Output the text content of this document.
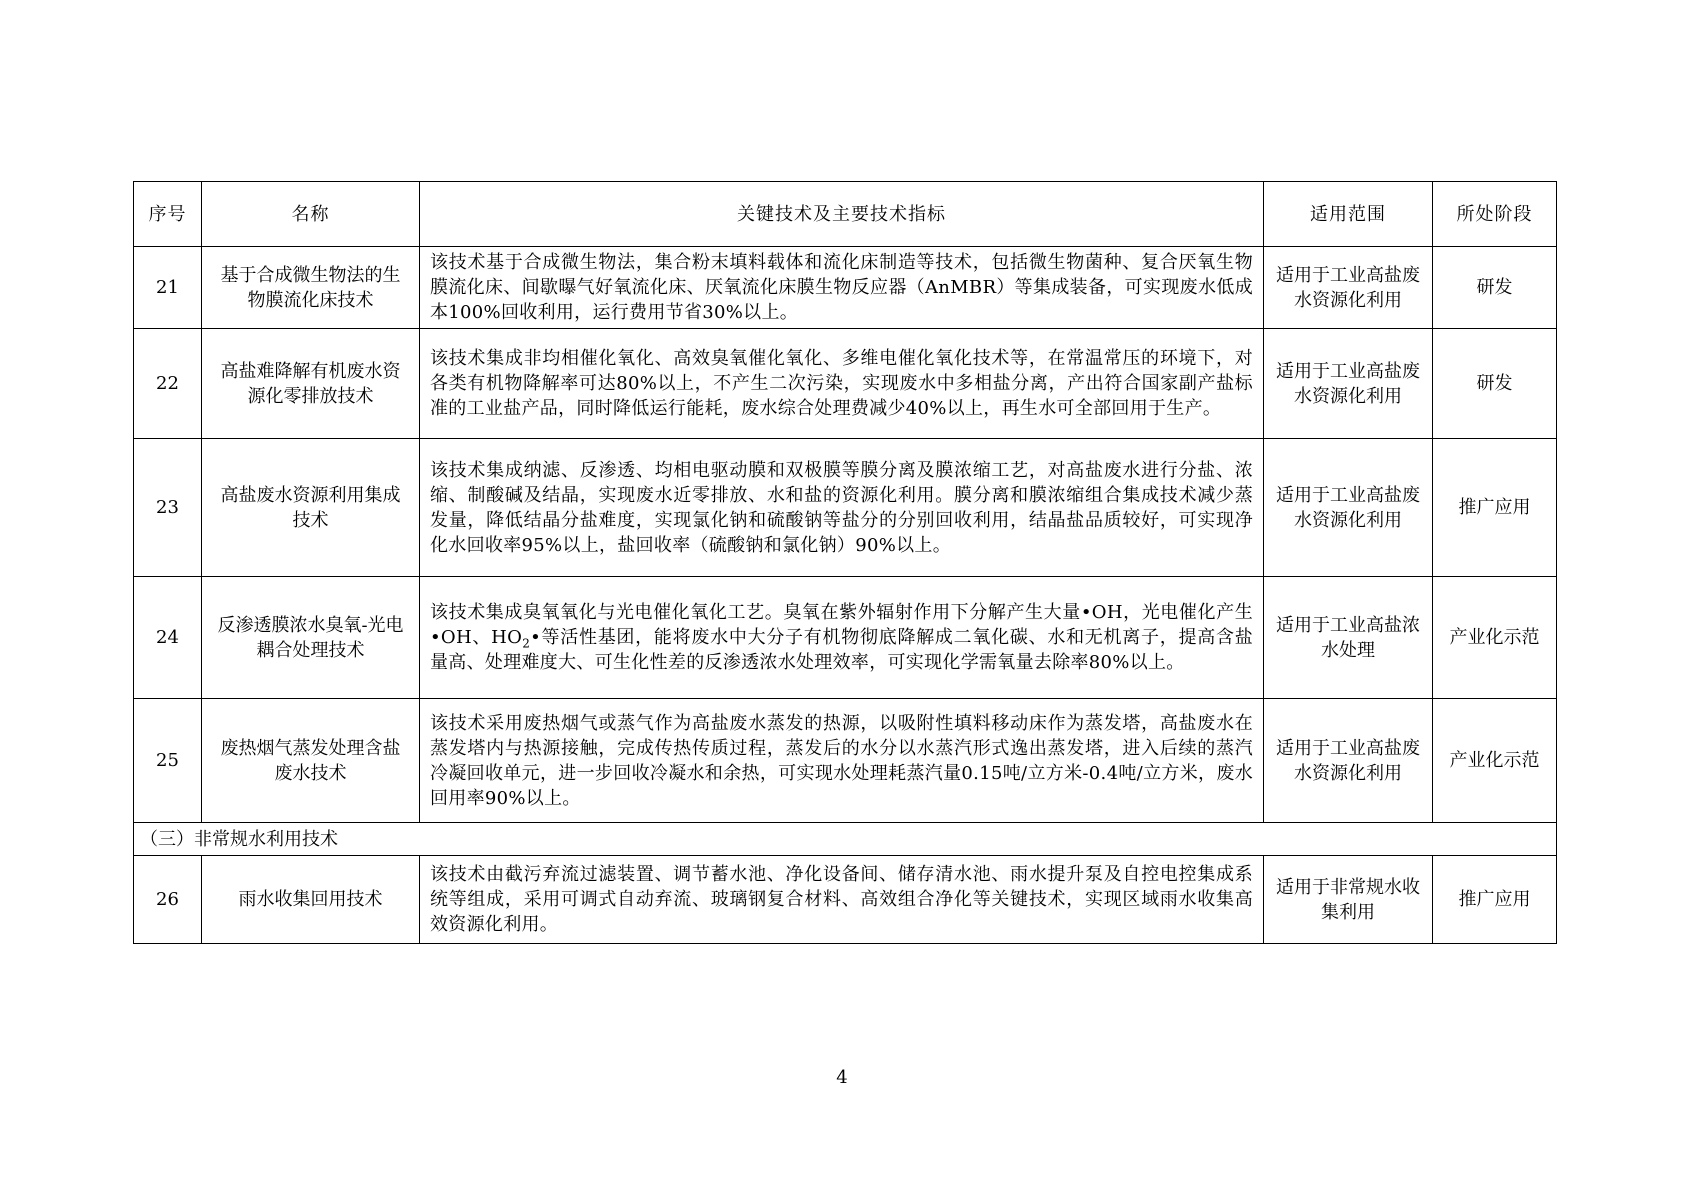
序号	名称	关键技术及主要技术指标	适用范围	所处阶段
21	基于合成微生物法的生物膜流化床技术	该技术基于合成微生物法，集合粉末填料载体和流化床制造等技术，包括微生物菌种、复合厌氧生物膜流化床、间歇曝气好氧流化床、厌氧流化床膜生物反应器（AnMBR）等集成装备，可实现废水低成本100%回收利用，运行费用节省30%以上。	适用于工业高盐废水资源化利用	研发
22	高盐难降解有机废水资源化零排放技术	该技术集成非均相催化氧化、高效臭氧催化氧化、多维电催化氧化技术等，在常温常压的环境下，对各类有机物降解率可达80%以上，不产生二次污染，实现废水中多相盐分离，产出符合国家副产盐标准的工业盐产品，同时降低运行能耗，废水综合处理费减少40%以上，再生水可全部回用于生产。	适用于工业高盐废水资源化利用	研发
23	高盐废水资源利用集成技术	该技术集成纳滤、反渗透、均相电驱动膜和双极膜等膜分离及膜浓缩工艺，对高盐废水进行分盐、浓缩、制酸碱及结晶，实现废水近零排放、水和盐的资源化利用。膜分离和膜浓缩组合集成技术减少蒸发量，降低结晶分盐难度，实现氯化钠和硫酸钠等盐分的分别回收利用，结晶盐品质较好，可实现净化水回收率95%以上，盐回收率（硫酸钠和氯化钠）90%以上。	适用于工业高盐废水资源化利用	推广应用
24	反渗透膜浓水臭氧-光电耦合处理技术	该技术集成臭氧氧化与光电催化氧化工艺。臭氧在紫外辐射作用下分解产生大量•OH，光电催化产生•OH、$HO_2•$等活性基团，能将废水中大分子有机物彻底降解成二氧化碳、水和无机离子，提高含盐量高、处理难度大、可生化性差的反渗透浓水处理效率，可实现化学需氧量去除率80%以上。	适用于工业高盐浓水处理	产业化示范
25	废热烟气蒸发处理含盐废水技术	该技术采用废热烟气或蒸气作为高盐废水蒸发的热源，以吸附性填料移动床作为蒸发塔，高盐废水在蒸发塔内与热源接触，完成传热传质过程，蒸发后的水分以水蒸汽形式逸出蒸发塔，进入后续的蒸汽冷凝回收单元，进一步回收冷凝水和余热，可实现水处理耗蒸汽量0.15吨/立方米-0.4吨/立方米，废水回用率90%以上。	适用于工业高盐废水资源化利用	产业化示范
（三）非常规水利用技术				
26	雨水收集回用技术	该技术由截污弃流过滤装置、调节蓄水池、净化设备间、储存清水池、雨水提升泵及自控电控集成系统等组成，采用可调式自动弃流、玻璃钢复合材料、高效组合净化等关键技术，实现区域雨水收集高效资源化利用。	适用于非常规水收集利用	推广应用
4
